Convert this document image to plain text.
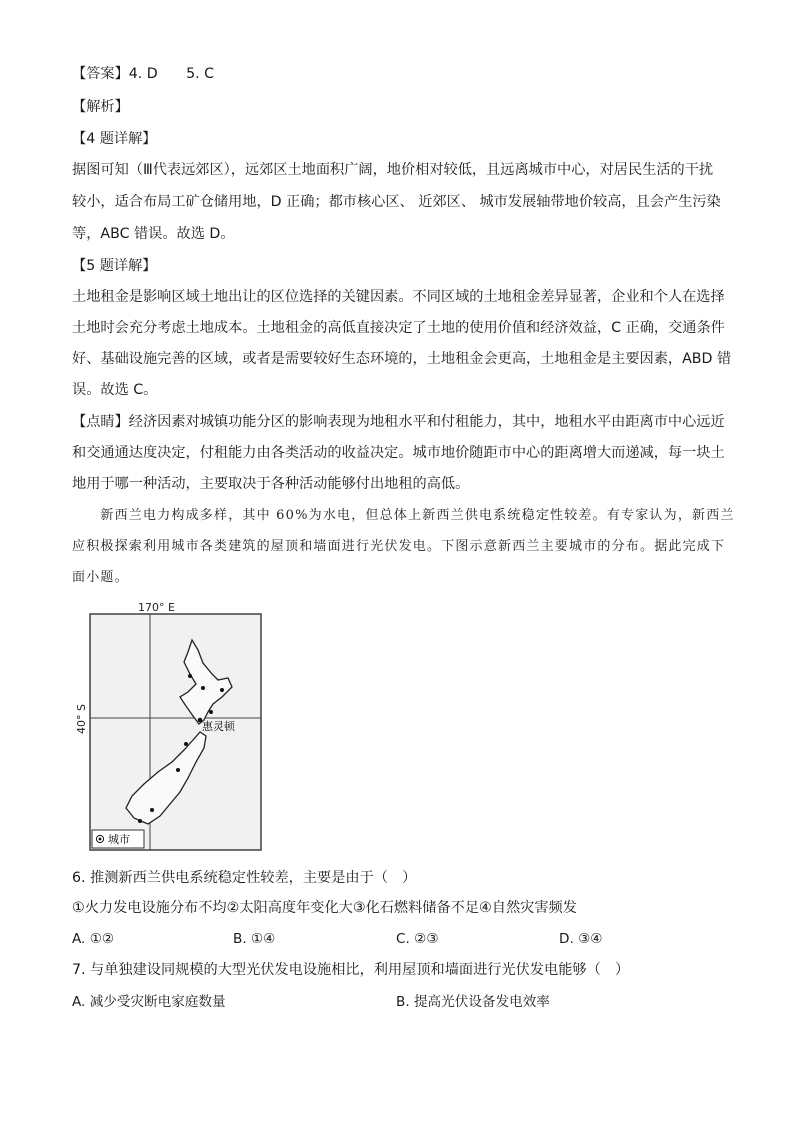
【答案】4. D　　5. C
【解析】
【4 题详解】
据图可知（Ⅲ代表远郊区），远郊区土地面积广阔，地价相对较低，且远离城市中心，对居民生活的干扰
较小，适合布局工矿仓储用地，D 正确；都市核心区、 近郊区、 城市发展轴带地价较高，且会产生污染
等，ABC 错误。故选 D。
【5 题详解】
土地租金是影响区域土地出让的区位选择的关键因素。不同区域的土地租金差异显著，企业和个人在选择
土地时会充分考虑土地成本。土地租金的高低直接决定了土地的使用价值和经济效益，C 正确，交通条件
好、基础设施完善的区域，或者是需要较好生态环境的，土地租金会更高，土地租金是主要因素，ABD 错
误。故选 C。
【点睛】经济因素对城镇功能分区的影响表现为地租水平和付租能力，其中，地租水平由距离市中心远近
和交通通达度决定，付租能力由各类活动的收益决定。城市地价随距市中心的距离增大而递减，每一块土
地用于哪一种活动，主要取决于各种活动能够付出地租的高低。
　　新西兰电力构成多样，其中 60%为水电，但总体上新西兰供电系统稳定性较差。有专家认为，新西兰
应积极探索利用城市各类建筑的屋顶和墙面进行光伏发电。下图示意新西兰主要城市的分布。据此完成下
面小题。
170° E
40° S	惠灵顿
城市
6. 推测新西兰供电系统稳定性较差，主要是由于（　）
①火力发电设施分布不均②太阳高度年变化大③化石燃料储备不足④自然灾害频发
A. ①②	B. ①④	C. ②③	D. ③④
7. 与单独建设同规模的大型光伏发电设施相比，利用屋顶和墙面进行光伏发电能够（　）
A. 减少受灾断电家庭数量	B. 提高光伏设备发电效率
